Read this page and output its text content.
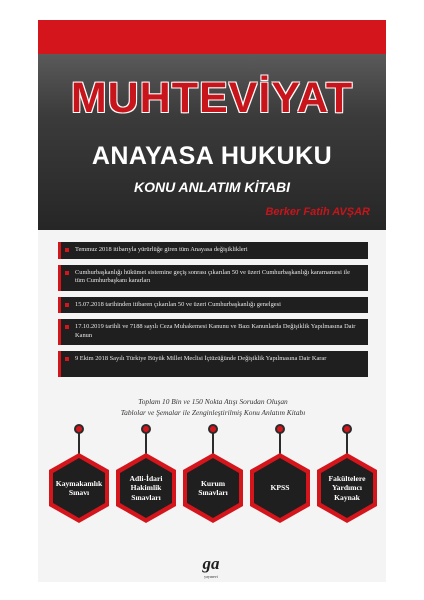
MUHTEVİYAT
ANAYASA HUKUKU
KONU ANLATIM KİTABI
Berker Fatih AVŞAR
Temmuz 2018 itibarıyla yürürlüğe giren tüm Anayasa değişiklikleri
Cumhurbaşkanlığı hükümet sistemine geçiş sonrası çıkarılan 50 ve üzeri Cumhurbaşkanlığı kararnamesi ile tüm Cumhurbaşkanı kararları
15.07.2018 tarihinden itibaren çıkarılan 50 ve üzeri Cumhurbaşkanlığı genelgesi
17.10.2019 tarihli ve 7188 sayılı Ceza Muhakemesi Kanunu ve Bazı Kanunlarda Değişiklik Yapılmasına Dair Kanun
9 Ekim 2018 Sayılı Türkiye Büyük Millet Meclisi İçtüzüğünde Değişiklik Yapılmasına Dair Karar
Toplam 10 Bin ve 150 Nokta Atışı Sorudan Oluşan
Tablolar ve Şemalar ile Zenginleştirilmiş Konu Anlatım Kitabı
Kaymakamlık Sınavı
Adli-İdari Hakimlik Sınavları
Kurum Sınavları
KPSS
Fakültelere Yardımcı Kaynak
ga
yayınevi
